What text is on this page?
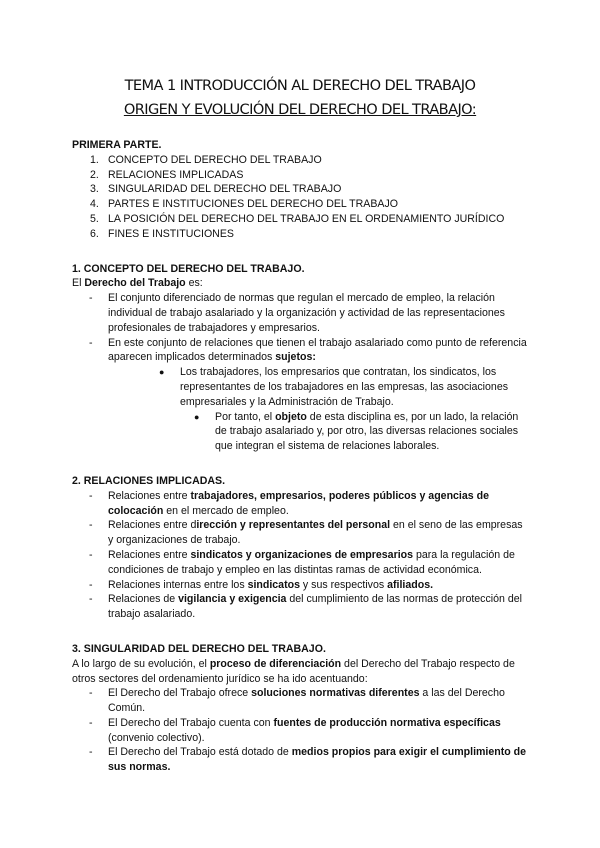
TEMA 1 INTRODUCCIÓN AL DERECHO DEL TRABAJO
ORIGEN Y EVOLUCIÓN DEL DERECHO DEL TRABAJO:
PRIMERA PARTE.
1. CONCEPTO DEL DERECHO DEL TRABAJO
2. RELACIONES IMPLICADAS
3. SINGULARIDAD DEL DERECHO DEL TRABAJO
4. PARTES E INSTITUCIONES DEL DERECHO DEL TRABAJO
5. LA POSICIÓN DEL DERECHO DEL TRABAJO EN EL ORDENAMIENTO JURÍDICO
6. FINES E INSTITUCIONES
1. CONCEPTO DEL DERECHO DEL TRABAJO.
El Derecho del Trabajo es:
- El conjunto diferenciado de normas que regulan el mercado de empleo, la relación individual de trabajo asalariado y la organización y actividad de las representaciones profesionales de trabajadores y empresarios.
- En este conjunto de relaciones que tienen el trabajo asalariado como punto de referencia aparecen implicados determinados sujetos:
● Los trabajadores, los empresarios que contratan, los sindicatos, los representantes de los trabajadores en las empresas, las asociaciones empresariales y la Administración de Trabajo.
● Por tanto, el objeto de esta disciplina es, por un lado, la relación de trabajo asalariado y, por otro, las diversas relaciones sociales que integran el sistema de relaciones laborales.
2. RELACIONES IMPLICADAS.
- Relaciones entre trabajadores, empresarios, poderes públicos y agencias de colocación en el mercado de empleo.
- Relaciones entre dirección y representantes del personal en el seno de las empresas y organizaciones de trabajo.
- Relaciones entre sindicatos y organizaciones de empresarios para la regulación de condiciones de trabajo y empleo en las distintas ramas de actividad económica.
- Relaciones internas entre los sindicatos y sus respectivos afiliados.
- Relaciones de vigilancia y exigencia del cumplimiento de las normas de protección del trabajo asalariado.
3. SINGULARIDAD DEL DERECHO DEL TRABAJO.
A lo largo de su evolución, el proceso de diferenciación del Derecho del Trabajo respecto de otros sectores del ordenamiento jurídico se ha ido acentuando:
- El Derecho del Trabajo ofrece soluciones normativas diferentes a las del Derecho Común.
- El Derecho del Trabajo cuenta con fuentes de producción normativa específicas (convenio colectivo).
- El Derecho del Trabajo está dotado de medios propios para exigir el cumplimiento de sus normas.
